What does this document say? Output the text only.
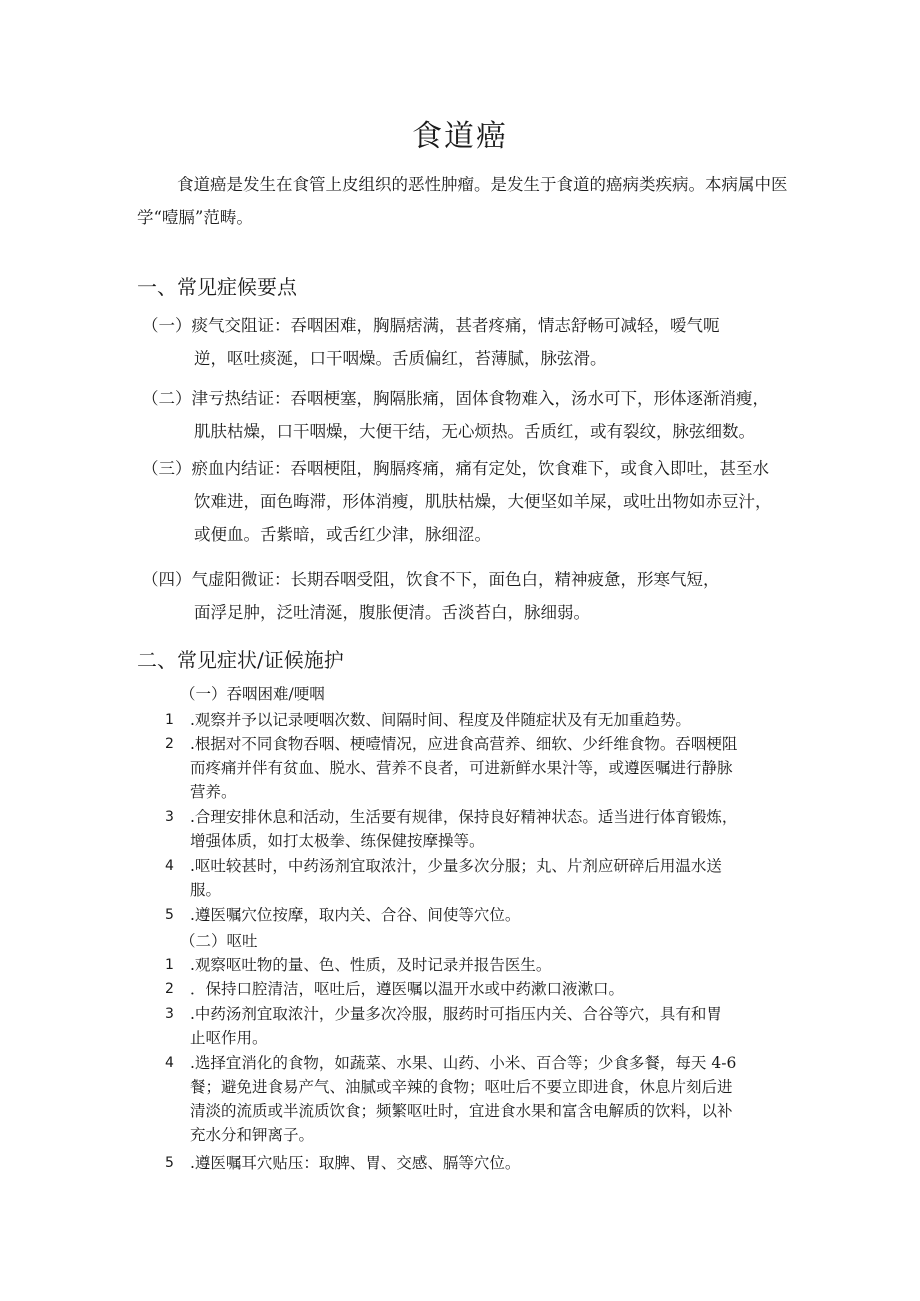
食道癌
食道癌是发生在食管上皮组织的恶性肿瘤。是发生于食道的癌病类疾病。本病属中医学“噎膈”范畴。
一、常见症候要点
（一）痰气交阻证：吞咽困难，胸膈痞满，甚者疼痛，情志舒畅可减轻，嗳气呃
逆，呕吐痰涎，口干咽燥。舌质偏红，苔薄腻，脉弦滑。
（二）津亏热结证：吞咽梗塞，胸隔胀痛，固体食物难入，汤水可下，形体逐渐消瘦，
肌肤枯燥，口干咽燥，大便干结，无心烦热。舌质红，或有裂纹，脉弦细数。
（三）瘀血内结证：吞咽梗阻，胸膈疼痛，痛有定处，饮食难下，或食入即吐，甚至水
饮难进，面色晦滞，形体消瘦，肌肤枯燥，大便坚如羊屎，或吐出物如赤豆汁，
或便血。舌紫暗，或舌红少津，脉细涩。
（四）气虚阳微证：长期吞咽受阻，饮食不下，面色白，精神疲惫，形寒气短，
面浮足肿，泛吐清涎，腹胀便清。舌淡苔白，脉细弱。
二、常见症状/证候施护
（一）吞咽困难/哽咽
1	.观察并予以记录哽咽次数、间隔时间、程度及伴随症状及有无加重趋势。
2	.根据对不同食物吞咽、梗噎情况，应进食高营养、细软、少纤维食物。吞咽梗阻
而疼痛并伴有贫血、脱水、营养不良者，可进新鲜水果汁等，或遵医嘱进行静脉
营养。
3	.合理安排休息和活动，生活要有规律，保持良好精神状态。适当进行体育锻炼，
增强体质，如打太极拳、练保健按摩操等。
4	.呕吐较甚时，中药汤剂宜取浓汁，少量多次分服；丸、片剂应研碎后用温水送
服。
5	.遵医嘱穴位按摩，取内关、合谷、间使等穴位。
（二）呕吐
1	.观察呕吐物的量、色、性质，及时记录并报告医生。
2	．保持口腔清洁，呕吐后，遵医嘱以温开水或中药漱口液漱口。
3	.中药汤剂宜取浓汁，少量多次冷服，服药时可指压内关、合谷等穴，具有和胃
止呕作用。
4	.选择宜消化的食物，如蔬菜、水果、山药、小米、百合等；少食多餐，每天 4-6
餐；避免进食易产气、油腻或辛辣的食物；呕吐后不要立即进食，休息片刻后进
清淡的流质或半流质饮食；频繁呕吐时，宜进食水果和富含电解质的饮料，以补
充水分和钾离子。
5	.遵医嘱耳穴贴压：取脾、胃、交感、膈等穴位。
